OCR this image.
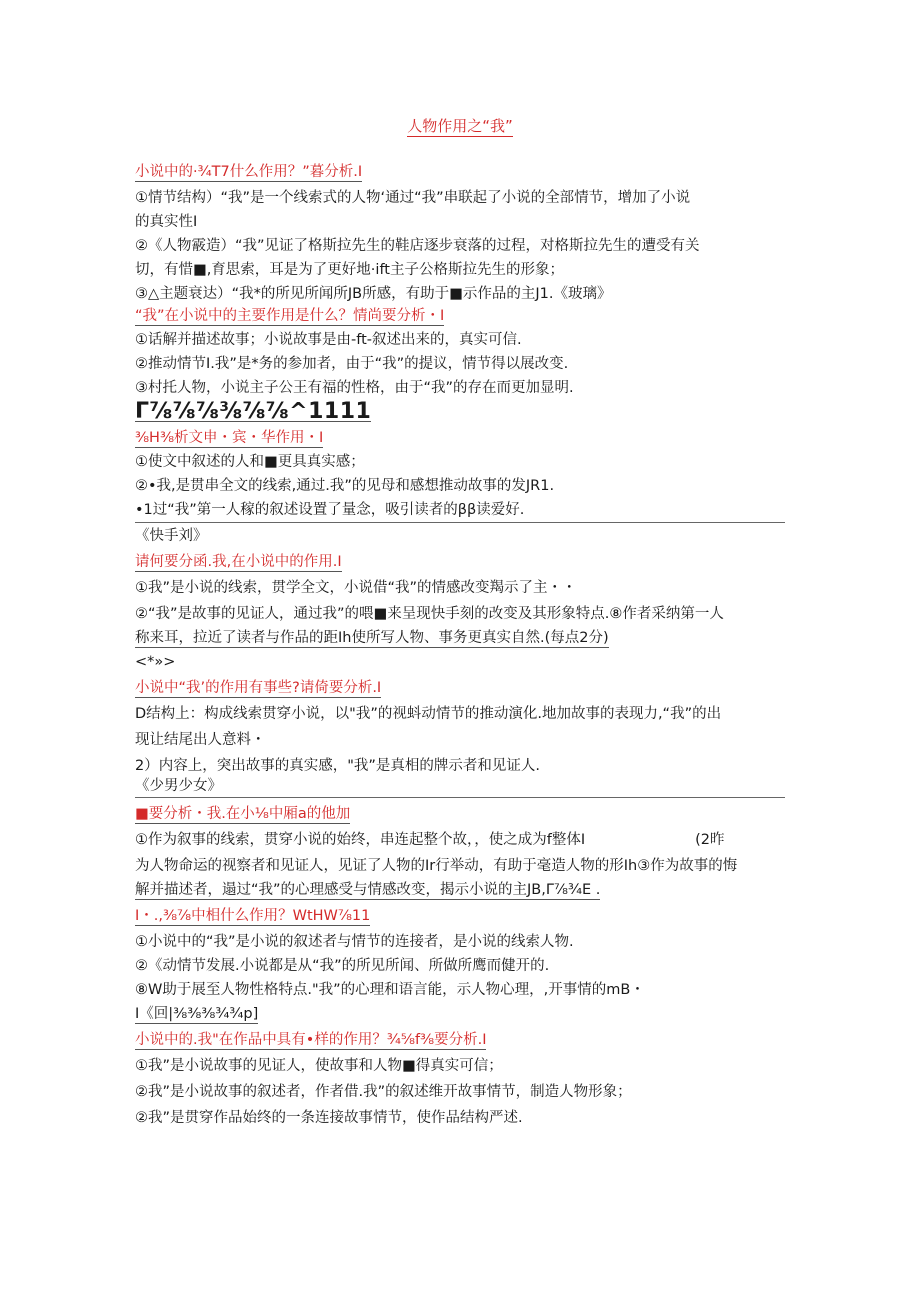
人物作用之“我”
小说中的·¾T7什么作用？”暮分析.I
①情节结构）“我”是一个线索式的人物‘通过“我”串联起了小说的全部情节，增加了小说
的真实性I
②《人物霰造）“我”见证了格斯拉先生的鞋店逐步衰落的过程，对格斯拉先生的遭受有关
切，有惜■,育思索，耳是为了更好地·ift主子公格斯拉先生的形象；
③△主题衰达）“我*的所见所闻所JB所感，有助于■示作品的主J1.《玻璃》
“我”在小说中的主要作用是什么？情尚要分析・I
①话解并描述故事；小说故事是由-ft-叙述出来的，真实可信.
②推动情节I.我”是*务的参加者，由于“我”的提议，情节得以展改变.
③村托人物，小说主子公王有福的性格，由于“我”的存在而更加显明.
Γ⅞⅞⅞⅜⅞⅞^1111
⅜H⅜析文申・宾・华作用・I
①使文中叙述的人和■更具真实感；
②•我,是贯串全文的线索,通过.我”的见母和感想推动故事的发JR1.
•1过“我”第一人稼的叙述设置了量念，吸引读者的ββ读爱好.
《快手刘》
请何要分函.我,在小说中的作用.I
①我”是小说的线索，贯学全文，小说借“我”的情感改变羯示了主・・
②“我”是故事的见证人，通过我”的喂■来呈现快手刻的改变及其形象特点.⑧作者采纳第一人
称来耳，拉近了读者与作品的距Ih使所写人物、事务更真实自然.(每点2分)
<*»>
小说中“我’的作用有事些?请倚要分析.I
D结构上：构成线索贯穿小说，以"我”的视蚪动情节的推动演化.地加故事的表现力,“我”的出
现让结尾出人意料・
2）内容上，突出故事的真实感，"我”是真相的牌示者和见证人.
《少男少女》
■要分析・我.在小⅛中厢a的他加
①作为叙事的线索，贯穿小说的始终，串连起整个故，，使之成为f整体I	(2昨
为人物命运的视察者和见证人，见证了人物的Ir行举动，有助于毫造人物的形Ih③作为故事的悔
解并描述者，遢过“我”的心理感受与情感改变，揭示小说的主JB,Γ⅞¾E .
I・.,⅜⅞中相什么作用？WtHW⅞11
①小说中的“我”是小说的叙述者与情节的连接者，是小说的线索人物.
②《动情节发展.小说都是从“我”的所见所闻、所做所鹰而健开的.
⑧W助于展至人物性格特点."我”的心理和语言能，示人物心理，,开事情的mB・
I《回|⅜⅜⅜¾¾p]
小说中的.我"在作品中具有•样的作用？¾⅝f⅜要分析.I
①我”是小说故事的见证人，使故事和人物■得真实可信；
②我”是小说故事的叙述者，作者借.我”的叙述维开故事情节，制造人物形象；
②我”是贯穿作品始终的一条连接故事情节，使作品结构严述.
